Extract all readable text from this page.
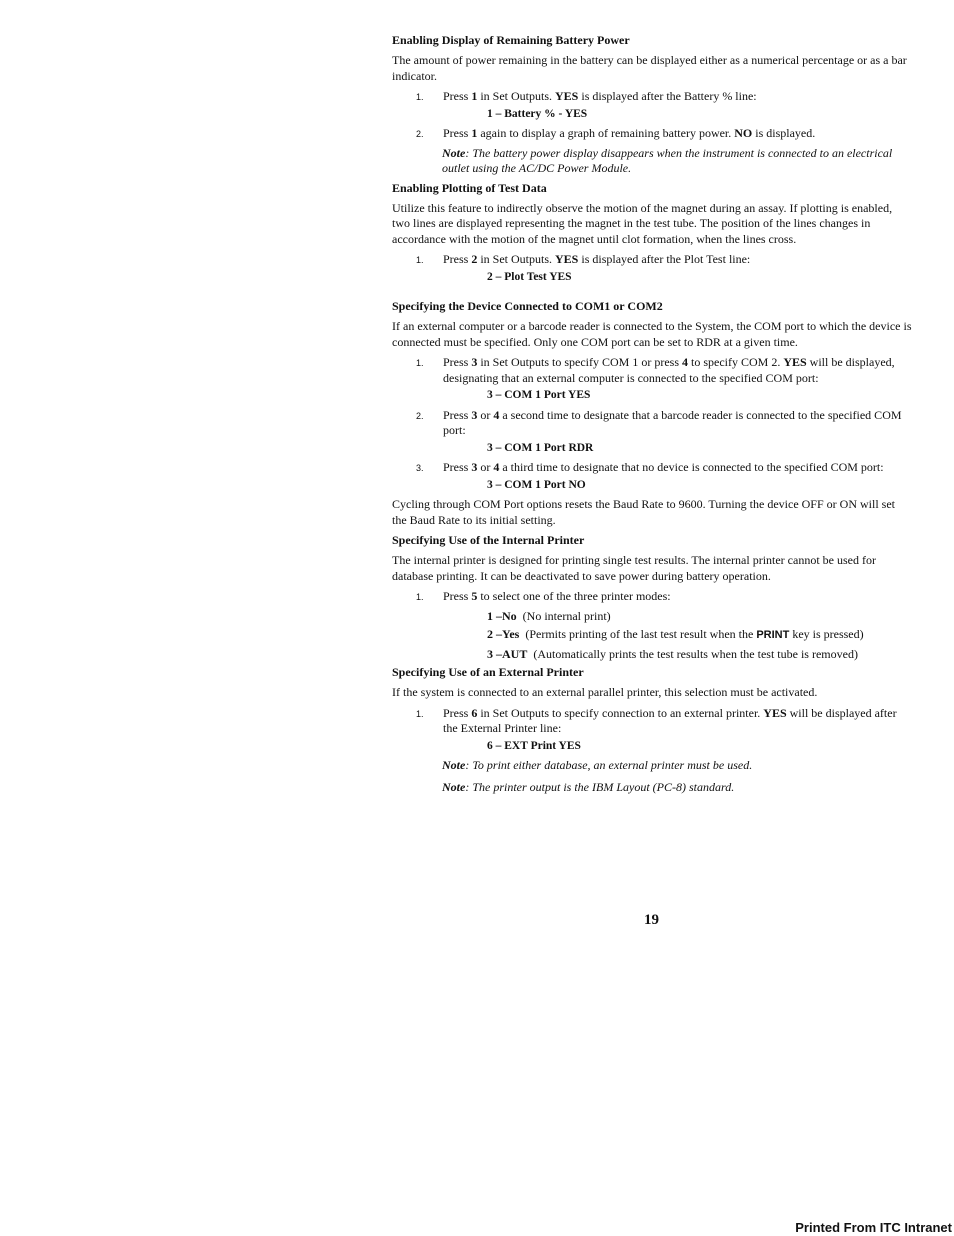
Enabling Display of Remaining Battery Power

The amount of power remaining in the battery can be displayed either as a numerical percentage or as a bar indicator.

1. Press 1 in Set Outputs. YES is displayed after the Battery % line:
1 – Battery % - YES
2. Press 1 again to display a graph of remaining battery power. NO is displayed.
Note: The battery power display disappears when the instrument is connected to an electrical outlet using the AC/DC Power Module.
Enabling Plotting of Test Data

Utilize this feature to indirectly observe the motion of the magnet during an assay. If plotting is enabled, two lines are displayed representing the magnet in the test tube. The position of the lines changes in accordance with the motion of the magnet until clot formation, when the lines cross.

1. Press 2 in Set Outputs. YES is displayed after the Plot Test line:
2 – Plot Test YES
Specifying the Device Connected to COM1 or COM2

If an external computer or a barcode reader is connected to the System, the COM port to which the device is connected must be specified. Only one COM port can be set to RDR at a given time.

1. Press 3 in Set Outputs to specify COM 1 or press 4 to specify COM 2. YES will be displayed, designating that an external computer is connected to the specified COM port:
3 – COM 1 Port YES
2. Press 3 or 4 a second time to designate that a barcode reader is connected to the specified COM port:
3 – COM 1 Port RDR
3. Press 3 or 4 a third time to designate that no device is connected to the specified COM port:
3 – COM 1 Port NO

Cycling through COM Port options resets the Baud Rate to 9600. Turning the device OFF or ON will set the Baud Rate to its initial setting.

Specifying Use of the Internal Printer

The internal printer is designed for printing single test results. The internal printer cannot be used for database printing. It can be deactivated to save power during battery operation.

1. Press 5 to select one of the three printer modes:
1 –No (No internal print)
2 –Yes (Permits printing of the last test result when the PRINT key is pressed)
3 –AUT (Automatically prints the test results when the test tube is removed)
Specifying Use of an External Printer

If the system is connected to an external parallel printer, this selection must be activated.

1. Press 6 in Set Outputs to specify connection to an external printer. YES will be displayed after the External Printer line:
6 – EXT Print YES
Note: To print either database, an external printer must be used.
Note: The printer output is the IBM Layout (PC-8) standard.
19
Printed From ITC Intranet
